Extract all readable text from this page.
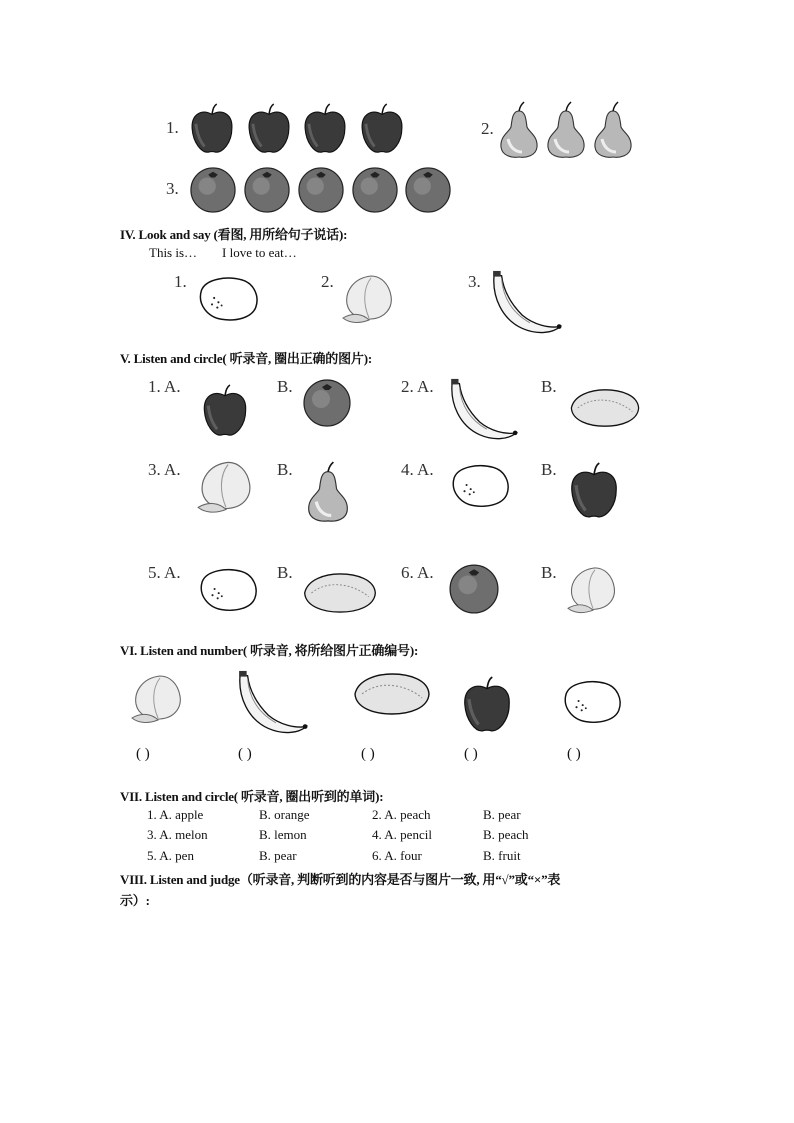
1.	2.
3.
IV. Look and say (看图, 用所给句子说话):
This is… I love to eat…
1.	2.	3.
V. Listen and circle( 听录音, 圈出正确的图片):
1. A.	B.	2. A.	B.
3. A.	B.	4. A.	B.
5. A.	B.	6. A.	B.
VI. Listen and number( 听录音, 将所给图片正确编号):
( )	( )	( )	( )	( )
VII. Listen and circle( 听录音, 圈出听到的单词):
1. A. apple	B. orange	2. A. peach	B. pear
3. A. melon	B. lemon	4. A. pencil	B. peach
5. A. pen	B. pear	6. A. four	B. fruit
VIII. Listen and judge（听录音, 判断听到的内容是否与图片一致, 用“√”或“×”表
示）:
